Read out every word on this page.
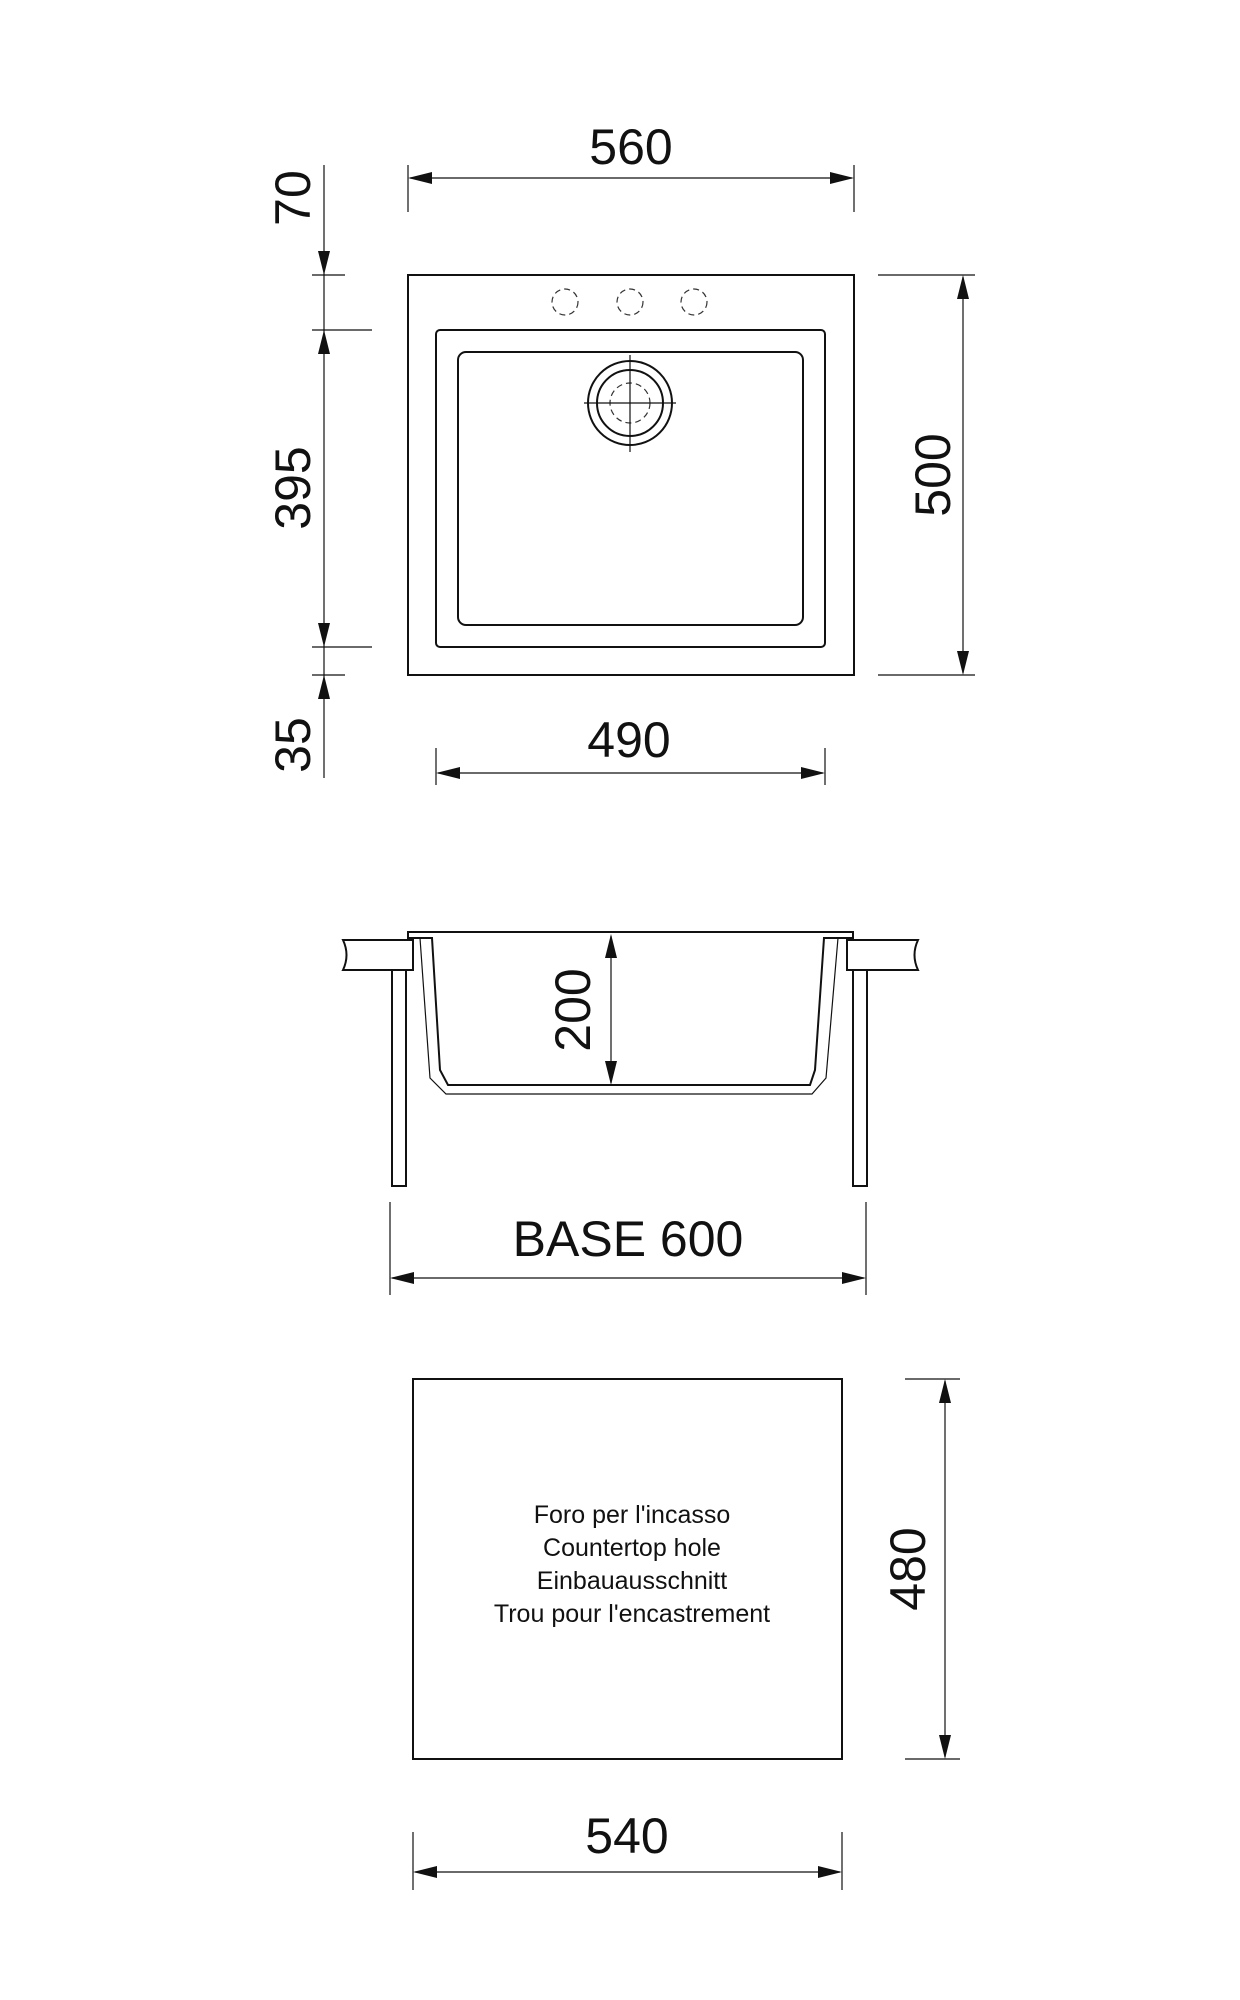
560
500
70
395
35	490
200
BASE 600
Foro per l'incasso
Countertop hole
Einbauausschnitt
Trou pour l'encastrement
480
540
